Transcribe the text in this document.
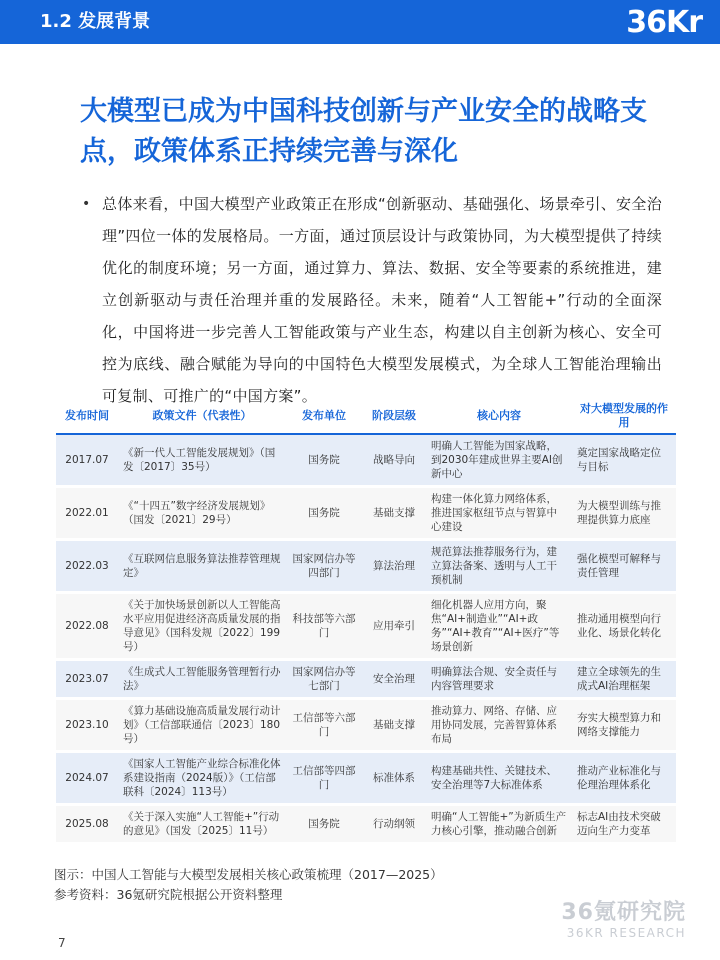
1.2 发展背景	36Kr
大模型已成为中国科技创新与产业安全的战略支点，政策体系正持续完善与深化
• 总体来看，中国大模型产业政策正在形成“创新驱动、基础强化、场景牵引、安全治理”四位一体的发展格局。一方面，通过顶层设计与政策协同，为大模型提供了持续优化的制度环境；另一方面，通过算力、算法、数据、安全等要素的系统推进，建立创新驱动与责任治理并重的发展路径。未来，随着“人工智能+”行动的全面深化，中国将进一步完善人工智能政策与产业生态，构建以自主创新为核心、安全可控为底线、融合赋能为导向的中国特色大模型发展模式，为全球人工智能治理输出可复制、可推广的“中国方案”。

发布时间	政策文件（代表性）	发布单位	阶段层级	核心内容	对大模型发展的作用
2017.07	《新一代人工智能发展规划》（国发〔2017〕35号）	国务院	战略导向	明确人工智能为国家战略，到2030年建成世界主要AI创新中心	奠定国家战略定位与目标
2022.01	《“十四五”数字经济发展规划》（国发〔2021〕29号）	国务院	基础支撑	构建一体化算力网络体系，推进国家枢纽节点与智算中心建设	为大模型训练与推理提供算力底座
2022.03	《互联网信息服务算法推荐管理规定》	国家网信办等四部门	算法治理	规范算法推荐服务行为，建立算法备案、透明与人工干预机制	强化模型可解释与责任管理
2022.08	《关于加快场景创新以人工智能高水平应用促进经济高质量发展的指导意见》（国科发规〔2022〕199号）	科技部等六部门	应用牵引	细化机器人应用方向，聚焦“AI+制造业”“AI+政务”“AI+教育”“AI+医疗”等场景创新	推动通用模型向行业化、场景化转化
2023.07	《生成式人工智能服务管理暂行办法》	国家网信办等七部门	安全治理	明确算法合规、安全责任与内容管理要求	建立全球领先的生成式AI治理框架
2023.10	《算力基础设施高质量发展行动计划》（工信部联通信〔2023〕180号）	工信部等六部门	基础支撑	推动算力、网络、存储、应用协同发展，完善智算体系布局	夯实大模型算力和网络支撑能力
2024.07	《国家人工智能产业综合标准化体系建设指南（2024版）》（工信部联科〔2024〕113号）	工信部等四部门	标准体系	构建基础共性、关键技术、安全治理等7大标准体系	推动产业标准化与伦理治理体系化
2025.08	《关于深入实施“人工智能+”行动的意见》（国发〔2025〕11号）	国务院	行动纲领	明确“人工智能+”为新质生产力核心引擎，推动融合创新	标志AI由技术突破迈向生产力变革
图示：中国人工智能与大模型发展相关核心政策梳理（2017—2025）
参考资料：36氪研究院根据公开资料整理
36氪研究院
36KR RESEARCH
7
